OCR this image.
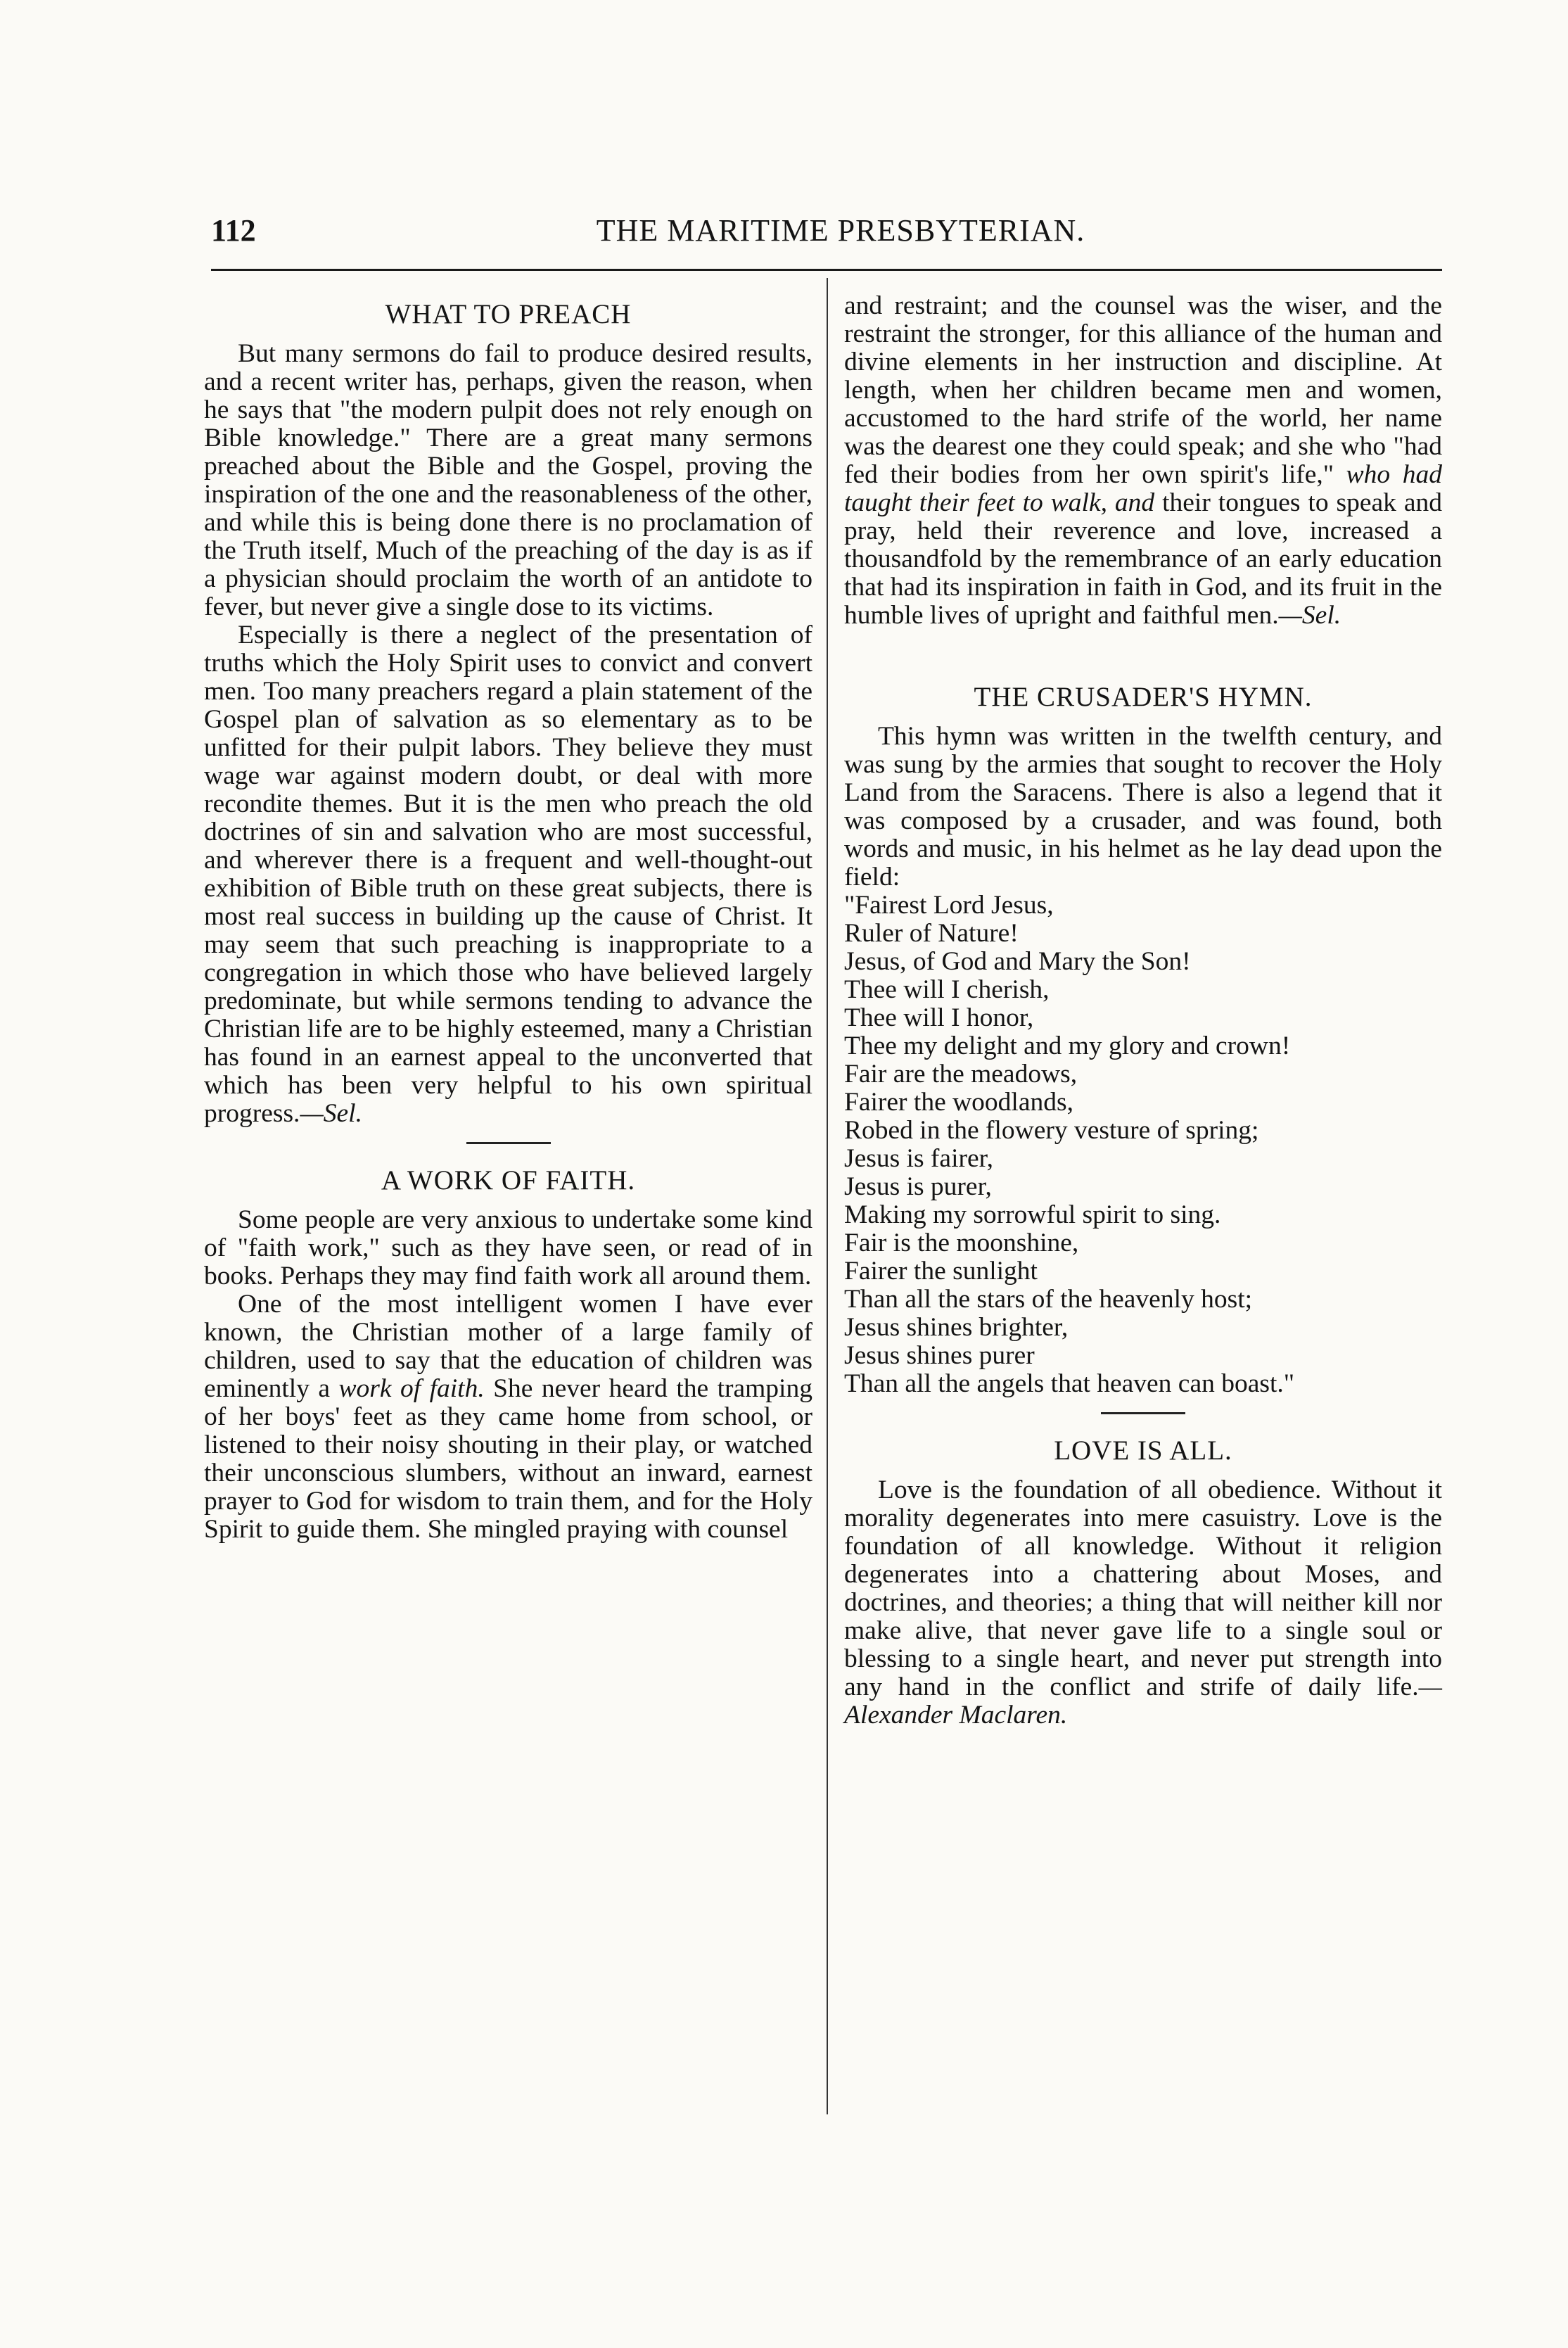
112	THE MARITIME PRESBYTERIAN.
WHAT TO PREACH

But many sermons do fail to produce desired results, and a recent writer has, perhaps, given the reason, when he says that "the modern pulpit does not rely enough on Bible knowledge." There are a great many sermons preached about the Bible and the Gospel, proving the inspiration of the one and the reasonableness of the other, and while this is being done there is no proclamation of the Truth itself, Much of the preaching of the day is as if a physician should proclaim the worth of an antidote to fever, but never give a single dose to its victims.

Especially is there a neglect of the presentation of truths which the Holy Spirit uses to convict and convert men. Too many preachers regard a plain statement of the Gospel plan of salvation as so elementary as to be unfitted for their pulpit labors. They believe they must wage war against modern doubt, or deal with more recondite themes. But it is the men who preach the old doctrines of sin and salvation who are most successful, and wherever there is a frequent and well-thought-out exhibition of Bible truth on these great subjects, there is most real success in building up the cause of Christ. It may seem that such preaching is inappropriate to a congregation in which those who have believed largely predominate, but while sermons tending to advance the Christian life are to be highly esteemed, many a Christian has found in an earnest appeal to the unconverted that which has been very helpful to his own spiritual progress.—Sel.

A WORK OF FAITH.

Some people are very anxious to undertake some kind of "faith work," such as they have seen, or read of in books. Perhaps they may find faith work all around them.

One of the most intelligent women I have ever known, the Christian mother of a large family of children, used to say that the education of children was eminently a work of faith. She never heard the tramping of her boys' feet as they came home from school, or listened to their noisy shouting in their play, or watched their unconscious slumbers, without an inward, earnest prayer to God for wisdom to train them, and for the Holy Spirit to guide them. She mingled praying with counsel

and restraint; and the counsel was the wiser, and the restraint the stronger, for this alliance of the human and divine elements in her instruction and discipline. At length, when her children became men and women, accustomed to the hard strife of the world, her name was the dearest one they could speak; and she who "had fed their bodies from her own spirit's life," who had taught their feet to walk, and their tongues to speak and pray, held their reverence and love, increased a thousandfold by the remembrance of an early education that had its inspiration in faith in God, and its fruit in the humble lives of upright and faithful men.—Sel.

THE CRUSADER'S HYMN.

This hymn was written in the twelfth century, and was sung by the armies that sought to recover the Holy Land from the Saracens. There is also a legend that it was composed by a crusader, and was found, both words and music, in his helmet as he lay dead upon the field:

"Fairest Lord Jesus,
Ruler of Nature!
Jesus, of God and Mary the Son!
Thee will I cherish,
Thee will I honor,
Thee my delight and my glory and crown!
Fair are the meadows,
Fairer the woodlands,
Robed in the flowery vesture of spring;
Jesus is fairer,
Jesus is purer,
Making my sorrowful spirit to sing.
Fair is the moonshine,
Fairer the sunlight
Than all the stars of the heavenly host;
Jesus shines brighter,
Jesus shines purer
Than all the angels that heaven can boast."
LOVE IS ALL.

Love is the foundation of all obedience. Without it morality degenerates into mere casuistry. Love is the foundation of all knowledge. Without it religion degenerates into a chattering about Moses, and doctrines, and theories; a thing that will neither kill nor make alive, that never gave life to a single soul or blessing to a single heart, and never put strength into any hand in the conflict and strife of daily life.—Alexander Maclaren.
